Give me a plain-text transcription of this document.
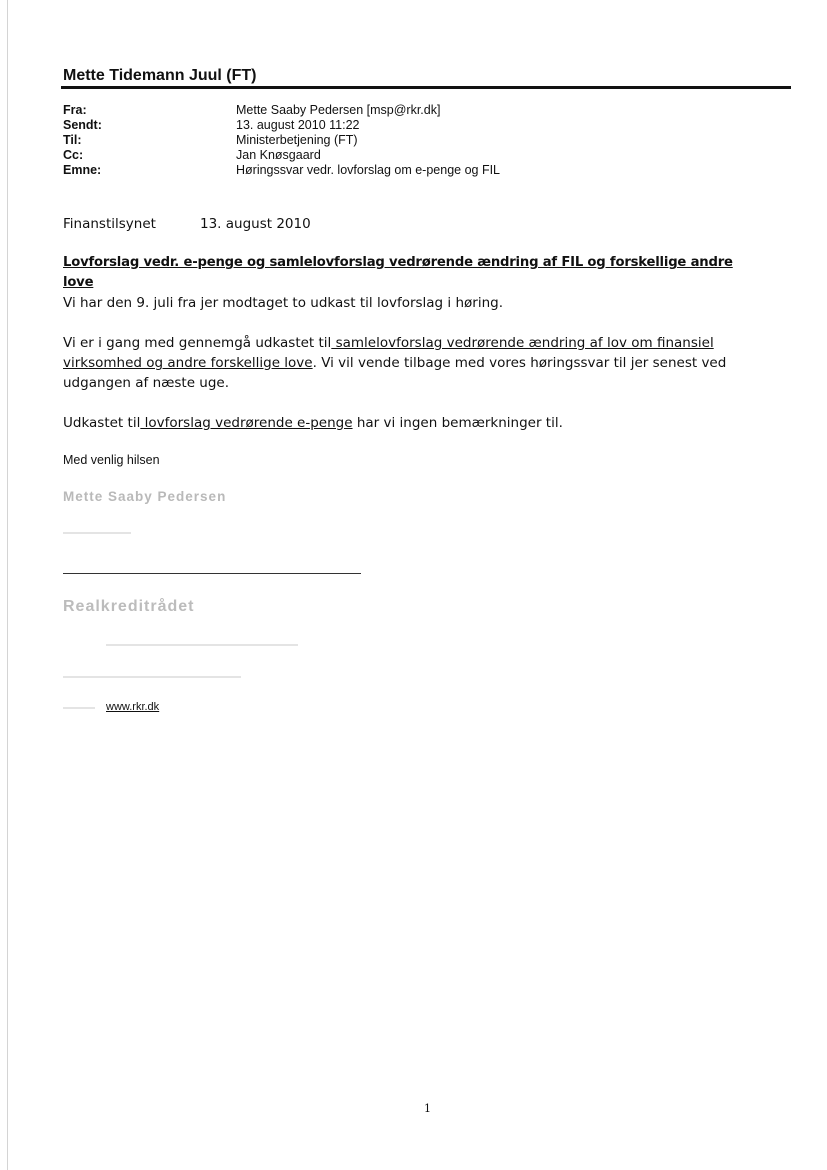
Mette Tidemann Juul (FT)
Fra:	Mette Saaby Pedersen [msp@rkr.dk]
Sendt:	13. august 2010 11:22
Til:	Ministerbetjening (FT)
Cc:	Jan Knøsgaard
Emne:	Høringssvar vedr. lovforslag om e-penge og FIL
Finanstilsynet	13. august 2010
Lovforslag vedr. e-penge og samlelovforslag vedrørende ændring af FIL og forskellige andre love
Vi har den 9. juli fra jer modtaget to udkast til lovforslag i høring.
Vi er i gang med gennemgå udkastet til samlelovforslag vedrørende ændring af lov om finansiel virksomhed og andre forskellige love. Vi vil vende tilbage med vores høringssvar til jer senest ved udgangen af næste uge.
Udkastet til lovforslag vedrørende e-penge har vi ingen bemærkninger til.
Med venlig hilsen
Mette Saaby Pedersen
Realkreditrådet
www.rkr.dk
1
